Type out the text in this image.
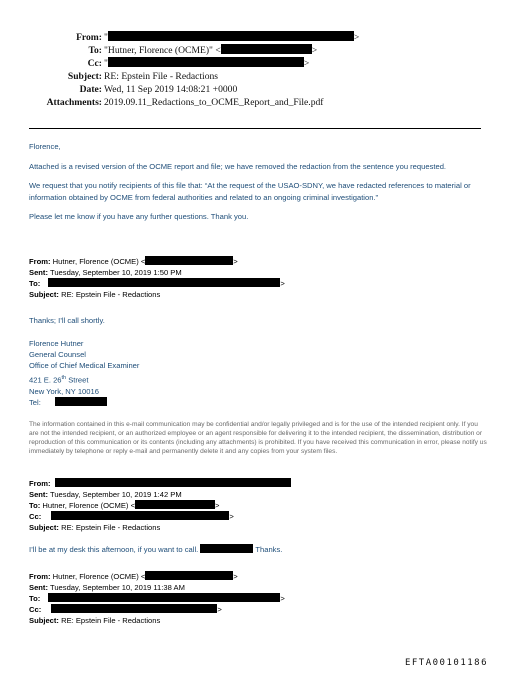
From: "	>
To: "Hutner, Florence (OCME)" <	>
Cc: "	>
Subject: RE: Epstein File - Redactions
Date: Wed, 11 Sep 2019 14:08:21 +0000
Attachments: 2019.09.11_Redactions_to_OCME_Report_and_File.pdf

Florence,

Attached is a revised version of the OCME report and file; we have removed the redaction from the sentence you requested.

We request that you notify recipients of this file that: “At the request of the USAO-SDNY, we have redacted references to material or information obtained by OCME from federal authorities and related to an ongoing criminal investigation.”

Please let me know if you have any further questions. Thank you.

From: Hutner, Florence (OCME) <	>
Sent: Tuesday, September 10, 2019 1:50 PM
To:	>
Subject: RE: Epstein File - Redactions
Thanks; I’ll call shortly.
Florence Hutner
General Counsel
Office of Chief Medical Examiner
421 E. 26th Street
New York, NY 10016
Tel:
The information contained in this e-mail communication may be confidential and/or legally privileged and is for the use of the intended recipient only. If you are not the intended recipient, or an authorized employee or an agent responsible for delivering it to the intended recipient, the dissemination, distribution or reproduction of this communication or its contents (including any attachments) is prohibited. If you have received this communication in error, please notify us immediately by telephone or reply e-mail and permanently delete it and any copies from your system files.
From:
Sent: Tuesday, September 10, 2019 1:42 PM
To: Hutner, Florence (OCME) <	>
Cc:	>
Subject: RE: Epstein File - Redactions
I’ll be at my desk this afternoon, if you want to call.	Thanks.
From: Hutner, Florence (OCME) <	>
Sent: Tuesday, September 10, 2019 11:38 AM
To:	>
Cc:	>
Subject: RE: Epstein File - Redactions
EFTA00101186
